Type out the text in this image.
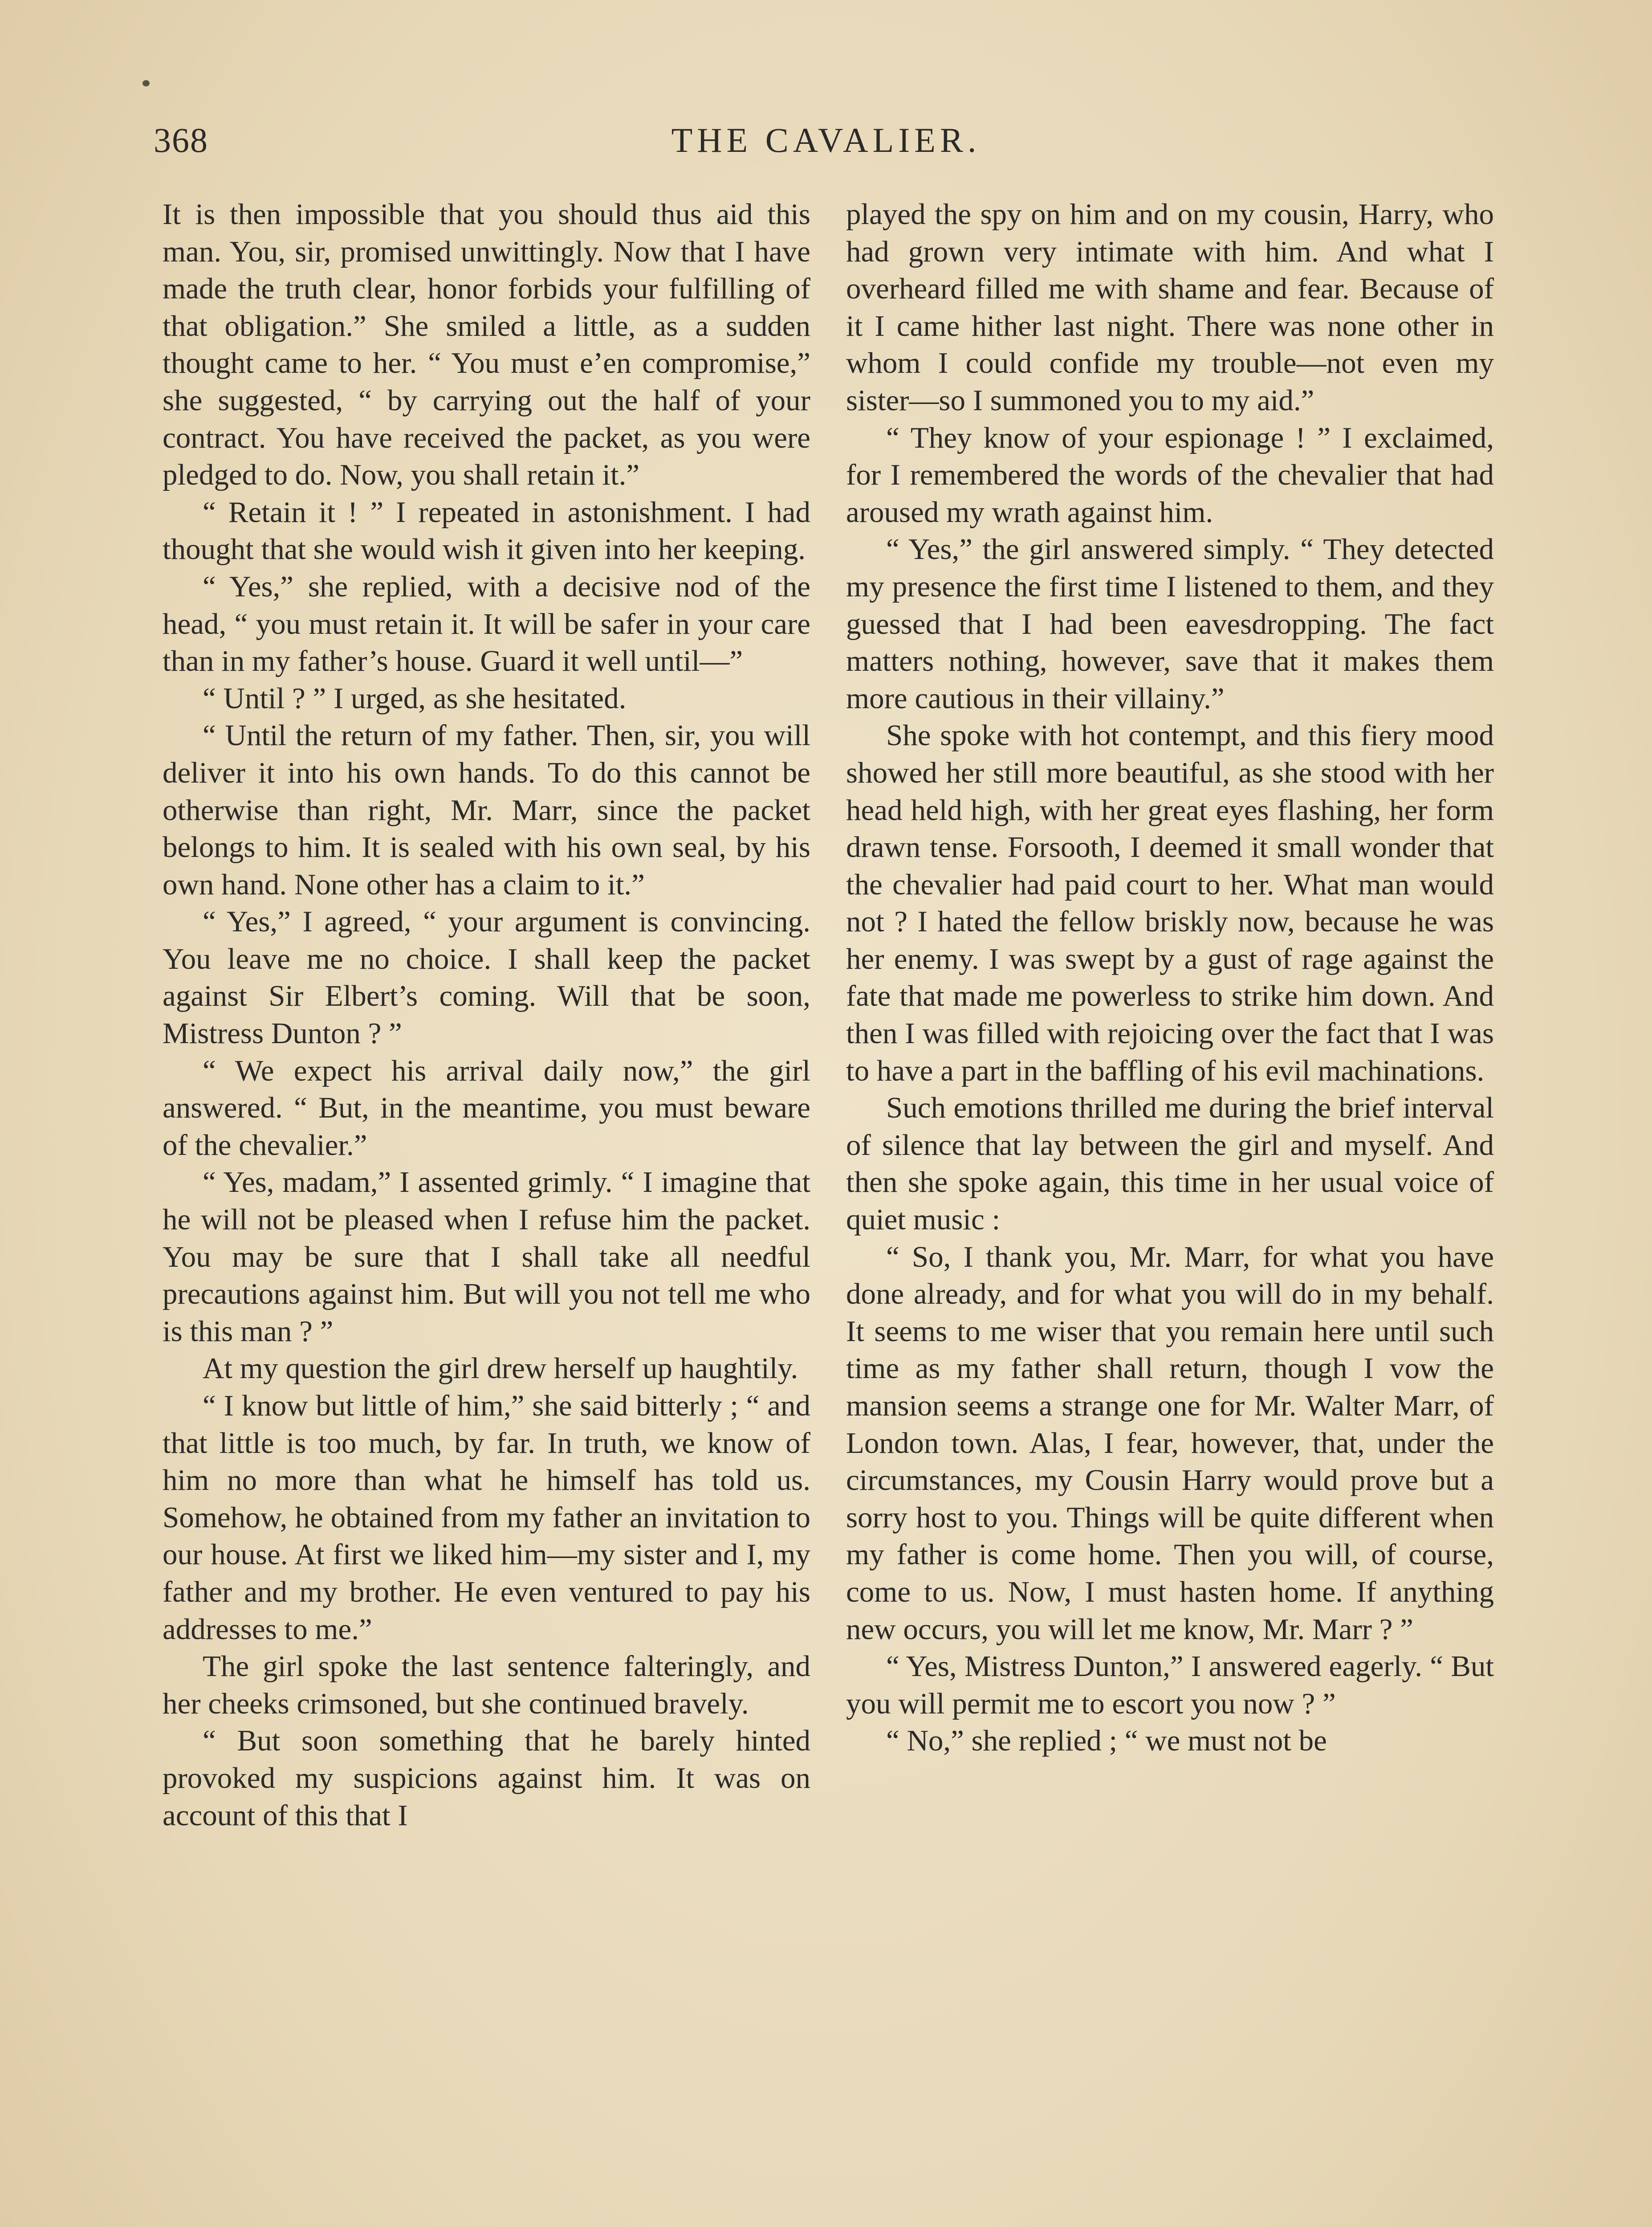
368	THE CAVALIER.

It is then impossible that you should thus aid this man. You, sir, promised unwittingly. Now that I have made the truth clear, honor forbids your fulfilling of that obligation.” She smiled a little, as a sudden thought came to her. “ You must e’en compromise,” she suggested, “ by carrying out the half of your contract. You have received the packet, as you were pledged to do. Now, you shall retain it.”

“ Retain it ! ” I repeated in astonishment. I had thought that she would wish it given into her keeping.

“ Yes,” she replied, with a decisive nod of the head, “ you must retain it. It will be safer in your care than in my father’s house. Guard it well until—”

“ Until ? ” I urged, as she hesitated.

“ Until the return of my father. Then, sir, you will deliver it into his own hands. To do this cannot be otherwise than right, Mr. Marr, since the packet belongs to him. It is sealed with his own seal, by his own hand. None other has a claim to it.”

“ Yes,” I agreed, “ your argument is convincing. You leave me no choice. I shall keep the packet against Sir Elbert’s coming. Will that be soon, Mistress Dunton ? ”

“ We expect his arrival daily now,” the girl answered. “ But, in the meantime, you must beware of the chevalier.”

“ Yes, madam,” I assented grimly. “ I imagine that he will not be pleased when I refuse him the packet. You may be sure that I shall take all needful precautions against him. But will you not tell me who is this man ? ”

At my question the girl drew herself up haughtily.

“ I know but little of him,” she said bitterly ; “ and that little is too much, by far. In truth, we know of him no more than what he himself has told us. Somehow, he obtained from my father an invitation to our house. At first we liked him—my sister and I, my father and my brother. He even ventured to pay his addresses to me.”

The girl spoke the last sentence falteringly, and her cheeks crimsoned, but she continued bravely.

“ But soon something that he barely hinted provoked my suspicions against him. It was on account of this that I

played the spy on him and on my cousin, Harry, who had grown very intimate with him. And what I overheard filled me with shame and fear. Because of it I came hither last night. There was none other in whom I could confide my trouble—not even my sister—so I summoned you to my aid.”

“ They know of your espionage ! ” I exclaimed, for I remembered the words of the chevalier that had aroused my wrath against him.

“ Yes,” the girl answered simply. “ They detected my presence the first time I listened to them, and they guessed that I had been eavesdropping. The fact matters nothing, however, save that it makes them more cautious in their villainy.”

She spoke with hot contempt, and this fiery mood showed her still more beautiful, as she stood with her head held high, with her great eyes flashing, her form drawn tense. Forsooth, I deemed it small wonder that the chevalier had paid court to her. What man would not ? I hated the fellow briskly now, because he was her enemy. I was swept by a gust of rage against the fate that made me powerless to strike him down. And then I was filled with rejoicing over the fact that I was to have a part in the baffling of his evil machinations.

Such emotions thrilled me during the brief interval of silence that lay between the girl and myself. And then she spoke again, this time in her usual voice of quiet music :

“ So, I thank you, Mr. Marr, for what you have done already, and for what you will do in my behalf. It seems to me wiser that you remain here until such time as my father shall return, though I vow the mansion seems a strange one for Mr. Walter Marr, of London town. Alas, I fear, however, that, under the circumstances, my Cousin Harry would prove but a sorry host to you. Things will be quite different when my father is come home. Then you will, of course, come to us. Now, I must hasten home. If anything new occurs, you will let me know, Mr. Marr ? ”

“ Yes, Mistress Dunton,” I answered eagerly. “ But you will permit me to escort you now ? ”

“ No,” she replied ; “ we must not be
